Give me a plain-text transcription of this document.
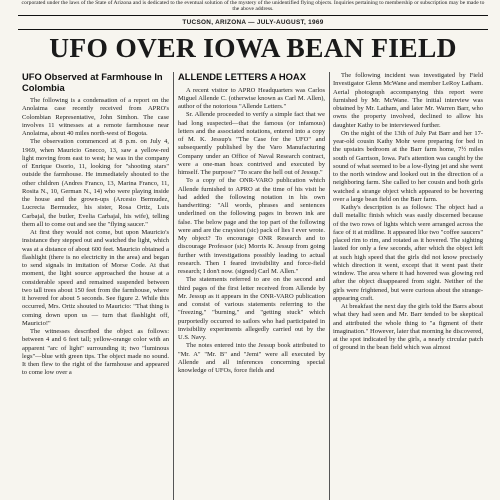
corporated under the laws of the State of Arizona and is dedicated to the eventual solution of the mystery of the unidentified flying objects. Inquiries pertaining to membership or subscription may be made to the above address.
TUCSON, ARIZONA — JULY-AUGUST, 1969
UFO OVER IOWA BEAN FIELD
UFO Observed at Farmhouse In Colombia

The following is a condensation of a report on the Anolaima case recently received from APRO's Colombian Representative, John Simhon. The case involves 11 witnesses at a remote farmhouse near Anolaima, about 40 miles north-west of Bogota.

The observation commenced at 8 p.m. on July 4, 1969, when Mauricio Gnecco, 13, saw a yellow-red light moving from east to west; he was in the company of Enrique Osorio, 11, looking for "shooting stars" outside the farmhouse. He immediately shouted to the other children (Andres Franco, 13, Marina Franco, 11, Rosita N., 10, German N., 14) who were playing inside the house and the grown-ups (Arcesio Bermudez, Lucrecia Bermudez, his sister, Rosa Ortiz, Luis Carbajal, the butler, Evelia Carbajal, his wife), telling them all to come out and see the "flying saucer."

At first they would not come, but upon Mauricio's insistance they stepped out and watched the light, which was at a distance of about 600 feet. Mauricio obtained a flashlight (there is no electricity in the area) and began to send signals in imitation of Morse Code. At that moment, the light source approached the house at a considerable speed and remained suspended between two tall trees about 150 feet from the farmhouse, where it hovered for about 5 seconds. See figure 2. While this occurred, Mrs. Ortiz shouted to Mauricio: "That thing is coming down upon us — turn that flashlight off, Mauricio!"

The witnesses described the object as follows: between 4 and 6 feet tall; yellow-orange color with an apparent "arc of light" surrounding it; two "luminous legs"—blue with green tips. The object made no sound. It then flew to the right of the farmhouse and appeared to come low over a

ALLENDE LETTERS A HOAX

A recent visitor to APRO Headquarters was Carlos Miguel Allende C. (otherwise known as Carl M. Allen), author of the notorious "Allende Letters."

Sr. Allende proceeded to verify a simple fact that we had long suspected—that the famous (or infamous) letters and the associated notations, entered into a copy of M. K. Jessup's "The Case for the UFO" and subsequently published by the Varo Manufacturing Company under an Office of Naval Research contract, were a one-man hoax contrived and executed by himself. The purpose? "To scare the hell out of Jessup."

To a copy of the ONR-VARO publication which Allende furnished to APRO at the time of his visit he had added the following notation in his own handwriting: "All words, phrases and sentences underlined on the following pages in brown ink are false. The below page and the top part of the following were and are the craysiest (sic) pack of lies I ever wrote. My object? To encourage ONR Research and to discourage Professor (sic) Morris K. Jessup from going further with investigations possibly leading to actual research. Then I feared invisibility and force-field research; I don't now. (signed) Carl M. Allen."

The statements referred to are on the second and third pages of the first letter received from Allende by Mr. Jessup as it appears in the ONR-VARO publication and consist of various statements referring to the "freezing," "burning," and "getting stuck" which purportedly occurred to sailors who had participated in invisibility experiments allegedly carried out by the U.S. Navy.

The notes entered into the Jessup book attributed to "Mr. A" "Mr. B" and "Jemi" were all executed by Allende and all inferences concerning special knowledge of UFOs, force fields and

The following incident was investigated by Field Investigator Glenn McWane and member LeRoy Latham. Aerial photograph accompanying this report were furnished by Mr. McWane. The initial interview was obtained by Mr. Latham, and later Mr. Warren Barr, who owns the property involved, declined to allow his daughter Kathy to be interviewed further.

On the night of the 13th of July Pat Barr and her 17-year-old cousin Kathy Mohr were preparing for bed in the upstairs bedroom at the Barr farm home, 7½ miles south of Garrison, Iowa. Pat's attention was caught by the sound of what seemed to be a low-flying jet and she went to the north window and looked out in the direction of a neighboring farm. She called to her cousin and both girls watched a strange object which appeared to be hovering over a large bean field on the Barr farm.

Kathy's description is as follows: The object had a dull metallic finish which was easily discerned because of the two rows of lights which were arranged across the face of it at midline. It appeared like two "coffee saucers" placed rim to rim, and rotated as it hovered. The sighting lasted for only a few seconds, after which the object left at such high speed that the girls did not know precisely which direction it went, except that it went past their window. The area where it had hovered was glowing red after the object disappeared from sight. Neither of the girls were frightened, but were curious about the strange-appearing craft.

At breakfast the next day the girls told the Barrs about what they had seen and Mr. Barr tended to be skeptical and attributed the whole thing to "a figment of their imagination." However, later that morning he discovered, at the spot indicated by the girls, a nearly circular patch of ground in the bean field which was almost
